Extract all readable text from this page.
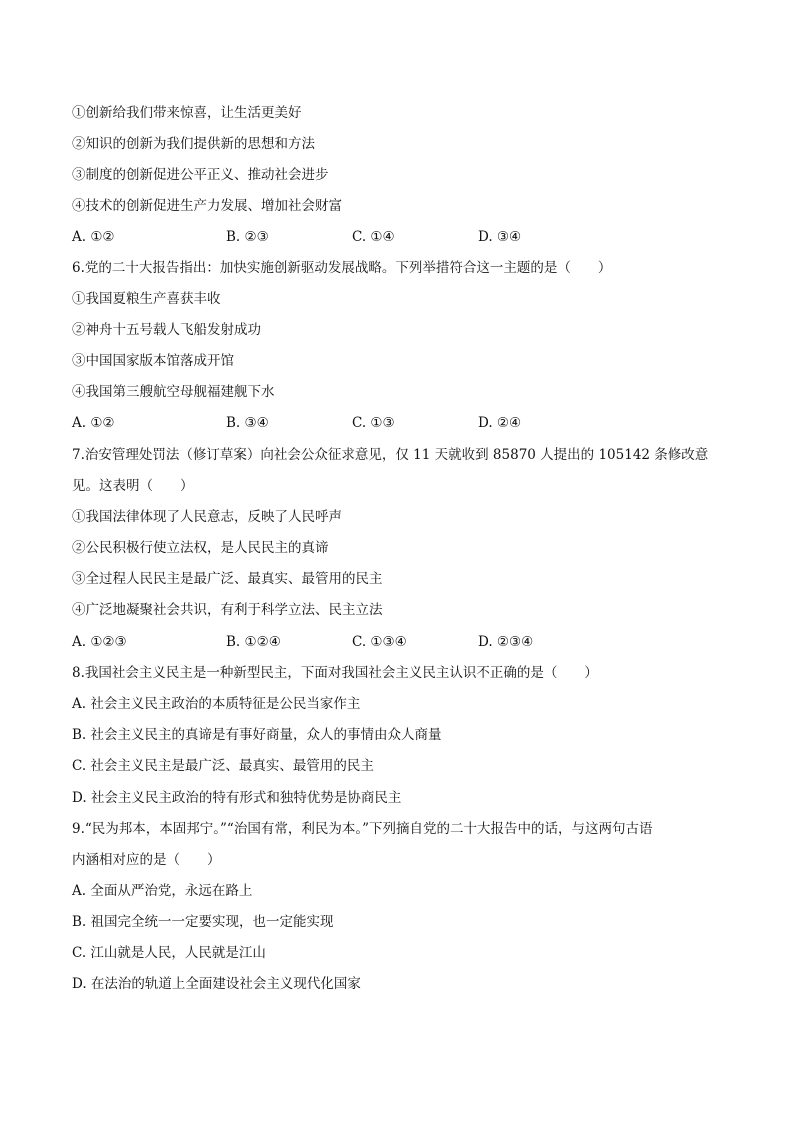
①创新给我们带来惊喜，让生活更美好
②知识的创新为我们提供新的思想和方法
③制度的创新促进公平正义、推动社会进步
④技术的创新促进生产力发展、增加社会财富
A. ①②	B. ②③	C. ①④	D. ③④
6.党的二十大报告指出：加快实施创新驱动发展战略。下列举措符合这一主题的是（　　）
①我国夏粮生产喜获丰收
②神舟十五号载人飞船发射成功
③中国国家版本馆落成开馆
④我国第三艘航空母舰福建舰下水
A. ①②	B. ③④	C. ①③	D. ②④
7.治安管理处罚法（修订草案）向社会公众征求意见，仅 11 天就收到 85870 人提出的 105142 条修改意
见。这表明（　　）
①我国法律体现了人民意志，反映了人民呼声
②公民积极行使立法权，是人民民主的真谛
③全过程人民民主是最广泛、最真实、最管用的民主
④广泛地凝聚社会共识，有利于科学立法、民主立法
A. ①②③	B. ①②④	C. ①③④	D. ②③④
8.我国社会主义民主是一种新型民主，下面对我国社会主义民主认识不正确的是（　　）
A. 社会主义民主政治的本质特征是公民当家作主
B. 社会主义民主的真谛是有事好商量，众人的事情由众人商量
C. 社会主义民主是最广泛、最真实、最管用的民主
D. 社会主义民主政治的特有形式和独特优势是协商民主
9.“民为邦本，本固邦宁。”“治国有常，利民为本。”下列摘自党的二十大报告中的话，与这两句古语
内涵相对应的是（　　）
A. 全面从严治党，永远在路上
B. 祖国完全统一一定要实现，也一定能实现
C. 江山就是人民，人民就是江山
D. 在法治的轨道上全面建设社会主义现代化国家
